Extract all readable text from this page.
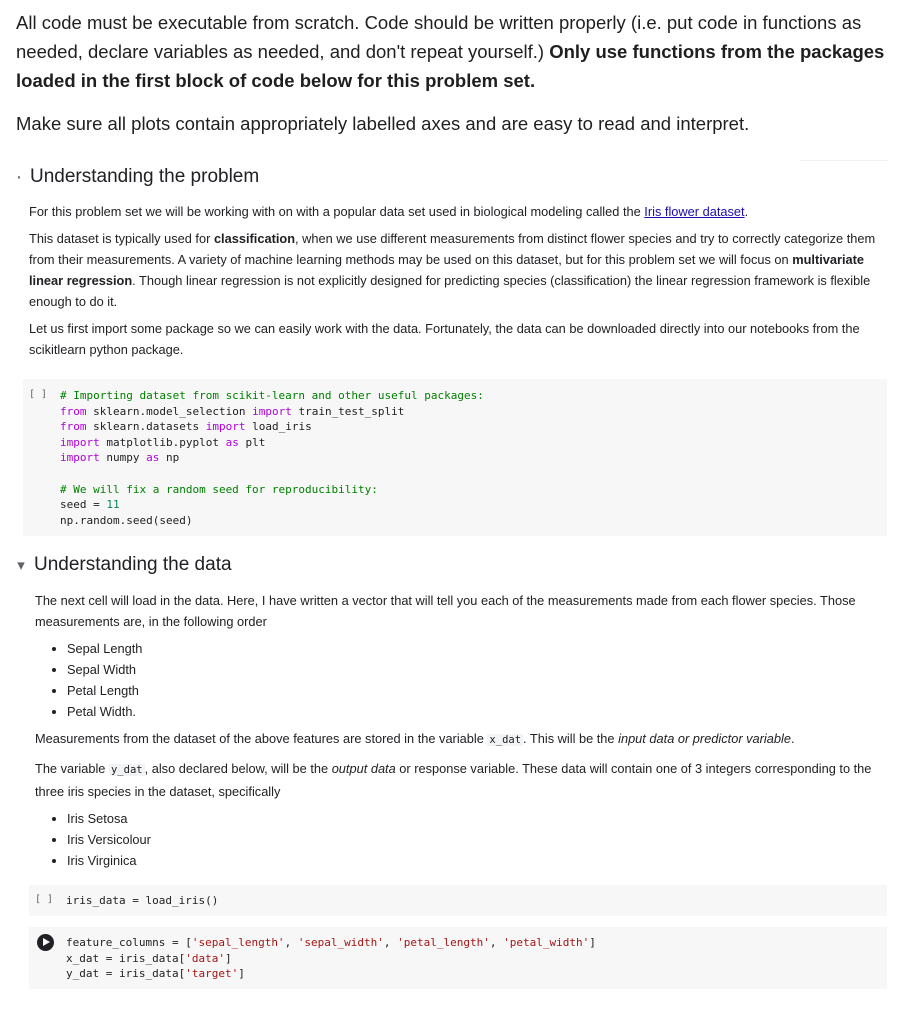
All code must be executable from scratch. Code should be written properly (i.e. put code in functions as needed, declare variables as needed, and don't repeat yourself.) Only use functions from the packages loaded in the first block of code below for this problem set.

Make sure all plots contain appropriately labelled axes and are easy to read and interpret.

· Understanding the problem

For this problem set we will be working with on with a popular data set used in biological modeling called the Iris flower dataset.

This dataset is typically used for classification, when we use different measurements from distinct flower species and try to correctly categorize them from their measurements. A variety of machine learning methods may be used on this dataset, but for this problem set we will focus on multivariate linear regression. Though linear regression is not explicitly designed for predicting species (classification) the linear regression framework is flexible enough to do it.

Let us first import some package so we can easily work with the data. Fortunately, the data can be downloaded directly into our notebooks from the scikitlearn python package.

[ ] # Importing dataset from scikit-learn and other useful packages:
from sklearn.model_selection import train_test_split
from sklearn.datasets import load_iris
import matplotlib.pyplot as plt
import numpy as np

# We will fix a random seed for reproducibility:
seed = 11
np.random.seed(seed)
▾ Understanding the data

The next cell will load in the data. Here, I have written a vector that will tell you each of the measurements made from each flower species. Those measurements are, in the following order

• Sepal Length
• Sepal Width
• Petal Length
• Petal Width.

Measurements from the dataset of the above features are stored in the variable x_dat . This will be the input data or predictor variable.

The variable y_dat , also declared below, will be the output data or response variable. These data will contain one of 3 integers corresponding to the three iris species in the dataset, specifically

• Iris Setosa
• Iris Versicolour
• Iris Virginica
[ ] iris_data = load_iris()
feature_columns = ['sepal_length', 'sepal_width', 'petal_length', 'petal_width']
x_dat = iris_data['data']
y_dat = iris_data['target']
